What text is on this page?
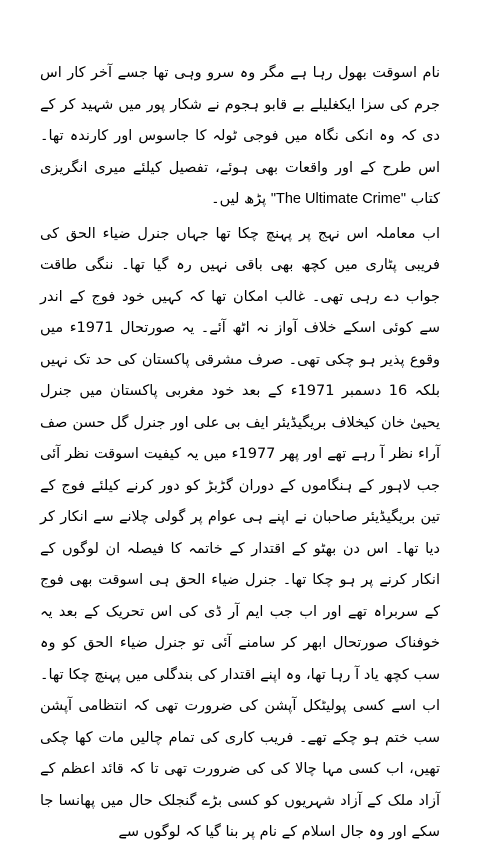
نام اسوقت بھول رہا ہے مگر وہ سرو وہی تھا جسے آخر کار اس جرم کی سزا ایکغلیلے بے قابو ہجوم نے شکار پور میں شہید کر کے دی کہ وہ انکی نگاہ میں فوجی ٹولہ کا جاسوس اور کارندہ تھا۔ اس طرح کے اور واقعات بھی ہوئے، تفصیل کیلئے میری انگریزی کتاب "The Ultimate Crime" پڑھ لیں۔

اب معاملہ اس نہج پر پہنچ چکا تھا جہاں جنرل ضیاء الحق کی فریبی پٹاری میں کچھ بھی باقی نہیں رہ گیا تھا۔ ننگی طاقت جواب دے رہی تھی۔ غالب امکان تھا کہ کہیں خود فوج کے اندر سے کوئی اسکے خلاف آواز نہ اٹھ آئے۔ یہ صورتحال 1971ء میں وقوع پذیر ہو چکی تھی۔ صرف مشرقی پاکستان کی حد تک نہیں بلکہ 16 دسمبر 1971ء کے بعد خود مغربی پاکستان میں جنرل یحییٰ خان کیخلاف بریگیڈیئر ایف بی علی اور جنرل گل حسن صف آراء نظر آ رہے تھے اور پھر 1977ء میں یہ کیفیت اسوقت نظر آئی جب لاہور کے ہنگاموں کے دوران گڑبڑ کو دور کرنے کیلئے فوج کے تین بریگیڈیئر صاحبان نے اپنے ہی عوام پر گولی چلانے سے انکار کر دیا تھا۔ اس دن بھٹو کے اقتدار کے خاتمہ کا فیصلہ ان لوگوں کے انکار کرنے پر ہو چکا تھا۔ جنرل ضیاء الحق ہی اسوقت بھی فوج کے سربراہ تھے اور اب جب ایم آر ڈی کی اس تحریک کے بعد یہ خوفناک صورتحال ابھر کر سامنے آئی تو جنرل ضیاء الحق کو وہ سب کچھ یاد آ رہا تھا، وہ اپنے اقتدار کی بندگلی میں پہنچ چکا تھا۔ اب اسے کسی پولیٹکل آپشن کی ضرورت تھی کہ انتظامی آپشن سب ختم ہو چکے تھے۔ فریب کاری کی تمام چالیں مات کھا چکی تھیں، اب کسی مہا چالا کی کی ضرورت تھی تا کہ قائد اعظم کے آزاد ملک کے آزاد شہریوں کو کسی بڑے گنجلک حال میں پھانسا جا سکے اور وہ جال اسلام کے نام پر بنا گیا کہ لوگوں سے
